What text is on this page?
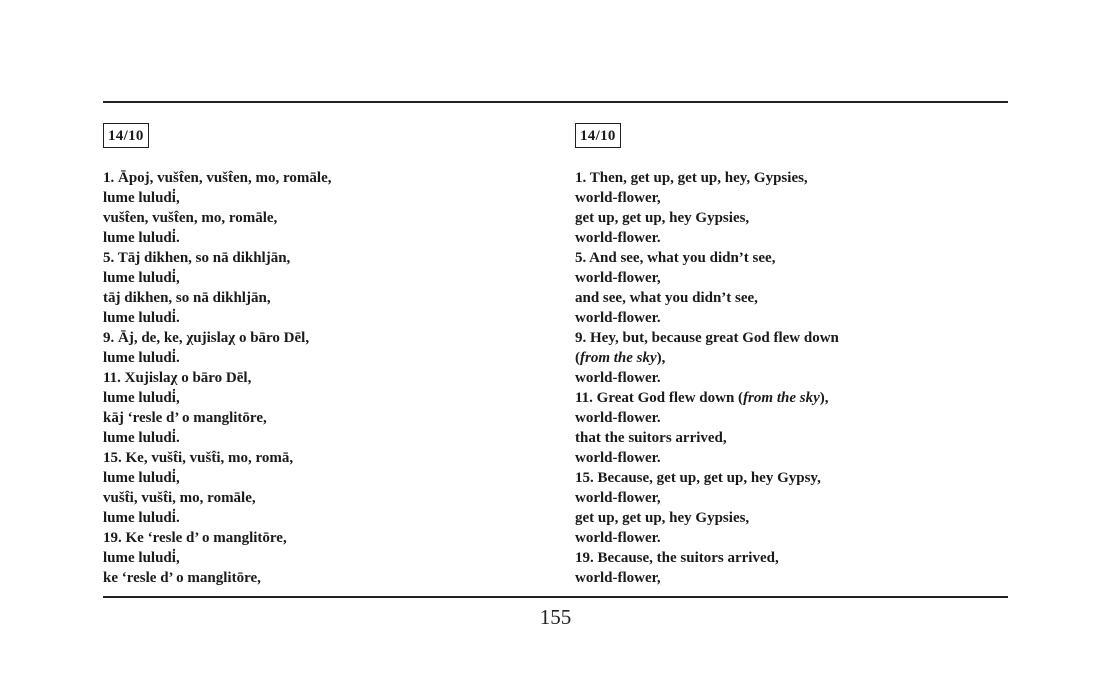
14/10
1. Āpoj, vušt̂en, vušt̂en, mo, romāle,
lume luludi̇,
vušt̂en, vušt̂en, mo, romāle,
lume luludi̇.
5. Tāj dikhen, so nā dikhljān,
lume luludi̇,
tāj dikhen, so nā dikhljān,
lume luludi̇.
9. Āj, de, ke, χujislaχ o bāro Dēl,
lume luludi̇.
11. Xujislaχ o bāro Dēl,
lume luludi̇,
kāj ‘resle d’ o manglitōre,
lume luludi̇.
15. Ke, vušt̂i, vušt̂i, mo, romā,
lume luludi̇,
vušt̂i, vušt̂i, mo, romāle,
lume luludi̇.
19. Ke ‘resle d’ o manglitōre,
lume luludi̇,
ke ‘resle d’ o manglitōre,
14/10
1. Then, get up, get up, hey, Gypsies,
world-flower,
get up, get up, hey Gypsies,
world-flower.
5. And see, what you didn’t see,
world-flower,
and see, what you didn’t see,
world-flower.
9. Hey, but, because great God flew down
(from the sky),
world-flower.
11. Great God flew down (from the sky),
world-flower.
that the suitors arrived,
world-flower.
15. Because, get up, get up, hey Gypsy,
world-flower,
get up, get up, hey Gypsies,
world-flower.
19. Because, the suitors arrived,
world-flower,
155
